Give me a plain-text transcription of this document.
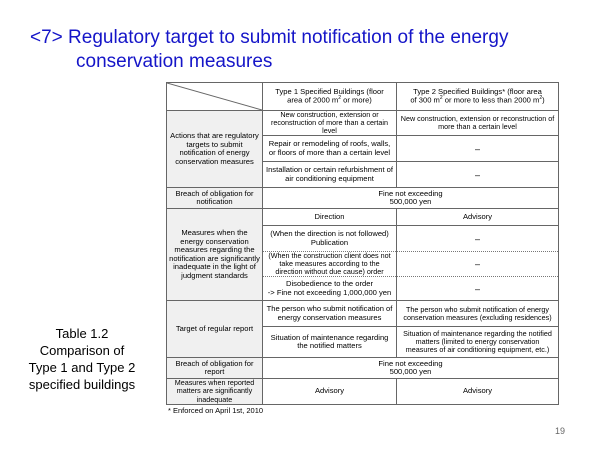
<7> Regulatory target to submit notification of the energy
conservation measures
Table 1.2
Comparison of
Type 1 and Type 2
specified buildings
	Type 1 Specified Buildings (floor
area of 2000 $m^2$ or more)	Type 2 Specified Buildings* (floor area
of 300 $m^2$ or more to less than 2000 $m^2$)
Actions that are regulatory targets to submit notification of energy conservation measures	New construction, extension or reconstruction of more than a certain level	New construction, extension or reconstruction of more than a certain level
	Repair or remodeling of roofs, walls, or floors of more than a certain level	–
	Installation or certain refurbishment of air conditioning equipment	–
Breach of obligation for notification	Fine not exceeding
500,000 yen	
Measures when the energy conservation measures regarding the notification are significantly inadequate in the light of judgment standards	Direction	Advisory
	(When the direction is not followed)
Publication	–
	(When the construction client does not take measures according to the direction without due cause) order	–
	Disobedience to the order
-> Fine not exceeding 1,000,000 yen	–
Target of regular report	The person who submit notification of energy conservation measures	The person who submit notification of energy conservation measures (excluding residences)
	Situation of maintenance regarding the notified matters	Situation of maintenance regarding the notified matters (limited to energy conservation measures of air conditioning equipment, etc.)
Breach of obligation for report	Fine not exceeding
500,000 yen	
Measures when reported matters are significantly inadequate	Advisory	Advisory
* Enforced on April 1st, 2010
19
